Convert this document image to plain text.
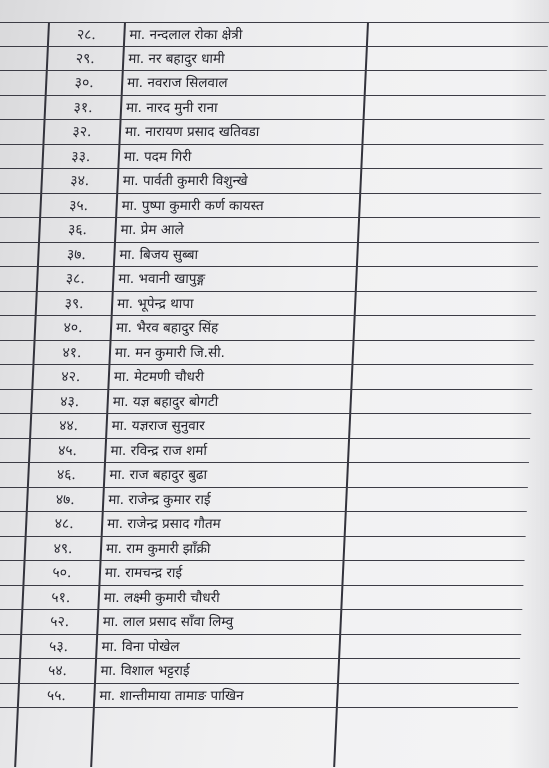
२८.	मा. नन्दलाल रोका क्षेत्री
२९.	मा. नर बहादुर धामी
३०.	मा. नवराज सिलवाल
३१.	मा. नारद मुनी राना
३२.	मा. नारायण प्रसाद खतिवडा
३३.	मा. पदम गिरी
३४.	मा. पार्वती कुमारी विशुन्खे
३५.	मा. पुष्पा कुमारी कर्ण कायस्त
३६.	मा. प्रेम आले
३७.	मा. बिजय सुब्बा
३८.	मा. भवानी खापुङ्ग
३९.	मा. भूपेन्द्र थापा
४०.	मा. भैरव बहादुर सिंह
४१.	मा. मन कुमारी जि.सी.
४२.	मा. मेटमणी चौधरी
४३.	मा. यज्ञ बहादुर बोगटी
४४.	मा. यज्ञराज सुनुवार
४५.	मा. रविन्द्र राज शर्मा
४६.	मा. राज बहादुर बुढा
४७.	मा. राजेन्द्र कुमार राई
४८.	मा. राजेन्द्र प्रसाद गौतम
४९.	मा. राम कुमारी झाँक्री
५०.	मा. रामचन्द्र राई
५१.	मा. लक्ष्मी कुमारी चौधरी
५२.	मा. लाल प्रसाद साँवा लिम्वु
५३.	मा. विना पोखेल
५४.	मा. विशाल भट्टराई
५५.	मा. शान्तीमाया तामाङ पाखिन
